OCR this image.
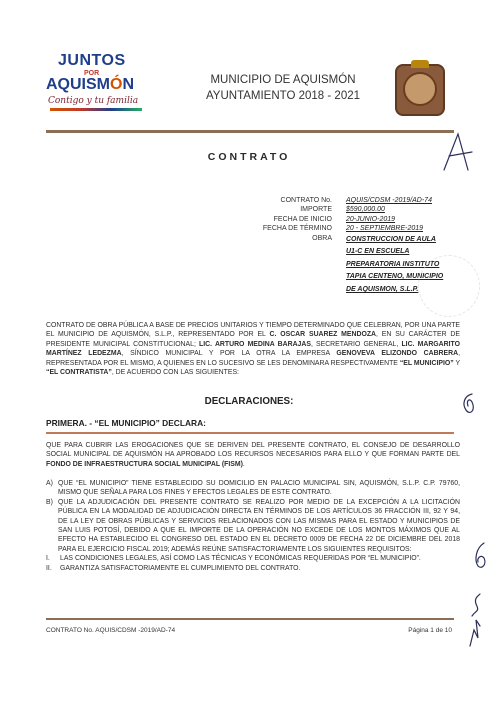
JUNTOS
POR
AQUISMÓN
Contigo y tu familia
MUNICIPIO DE AQUISMÓN
AYUNTAMIENTO 2018 - 2021
CONTRATO
CONTRATO No.
IMPORTE
FECHA DE INICIO
FECHA DE TÉRMINO
OBRA
AQUIS/CDSM -2019/AD-74
$590,000.00
20-JUNIO-2019
20 - SEPTIEMBRE-2019
CONSTRUCCION DE AULA
U1-C EN ESCUELA
PREPARATORIA INSTITUTO
TAPIA CENTENO, MUNICIPIO
DE AQUISMON, S.L.P.
CONTRATO DE OBRA PÚBLICA A BASE DE PRECIOS UNITARIOS Y TIEMPO DETERMINADO QUE CELEBRAN, POR UNA PARTE EL MUNICIPIO DE AQUISMÓN, S.L.P., REPRESENTADO POR EL C. OSCAR SUAREZ MENDOZA, EN SU CARÁCTER DE PRESIDENTE MUNICIPAL CONSTITUCIONAL; LIC. ARTURO MEDINA BARAJAS, SECRETARIO GENERAL, LIC. MARGARITO MARTÍNEZ LEDEZMA, SÍNDICO MUNICIPAL Y POR LA OTRA LA EMPRESA GENOVEVA ELIZONDO CABRERA, REPRESENTADA POR EL MISMO, A QUIENES EN LO SUCESIVO SE LES DENOMINARA RESPECTIVAMENTE “EL MUNICIPIO” Y “EL CONTRATISTA”, DE ACUERDO CON LAS SIGUIENTES:
DECLARACIONES:
PRIMERA. - “EL MUNICIPIO” DECLARA:
QUE PARA CUBRIR LAS EROGACIONES QUE SE DERIVEN DEL PRESENTE CONTRATO, EL CONSEJO DE DESARROLLO SOCIAL MUNICIPAL DE AQUISMÓN HA APROBADO LOS RECURSOS NECESARIOS PARA ELLO Y QUE FORMAN PARTE DEL FONDO DE INFRAESTRUCTURA SOCIAL MUNICIPAL (FISM).
A) QUE “EL MUNICIPIO” TIENE ESTABLECIDO SU DOMICILIO EN PALACIO MUNICIPAL SIN, AQUISMÓN, S.L.P. C.P. 79760, MISMO QUE SEÑALA PARA LOS FINES Y EFECTOS LEGALES DE ESTE CONTRATO.
B) QUE LA ADJUDICACIÓN DEL PRESENTE CONTRATO SE REALIZO POR MEDIO DE LA EXCEPCIÓN A LA LICITACIÓN PÚBLICA EN LA MODALIDAD DE ADJUDICACIÓN DIRECTA EN TÉRMINOS DE LOS ARTÍCULOS 36 FRACCIÓN III, 92 Y 94, DE LA LEY DE OBRAS PÚBLICAS Y SERVICIOS RELACIONADOS CON LAS MISMAS PARA EL ESTADO Y MUNICIPIOS DE SAN LUIS POTOSÍ, DEBIDO A QUE EL IMPORTE DE LA OPERACIÓN NO EXCEDE DE LOS MONTOS MÁXIMOS QUE AL EFECTO HA ESTABLECIDO EL CONGRESO DEL ESTADO EN EL DECRETO 0009 DE FECHA 22 DE DICIEMBRE DEL 2018 PARA EL EJERCICIO FISCAL 2019; ADEMÁS REÚNE SATISFACTORIAMENTE LOS SIGUIENTES REQUISITOS:
I. LAS CONDICIONES LEGALES, ASÍ COMO LAS TÉCNICAS Y ECONÓMICAS REQUERIDAS POR “EL MUNICIPIO”.
II. GARANTIZA SATISFACTORIAMENTE EL CUMPLIMIENTO DEL CONTRATO.
CONTRATO No. AQUIS/CDSM -2019/AD-74	Página 1 de 10
